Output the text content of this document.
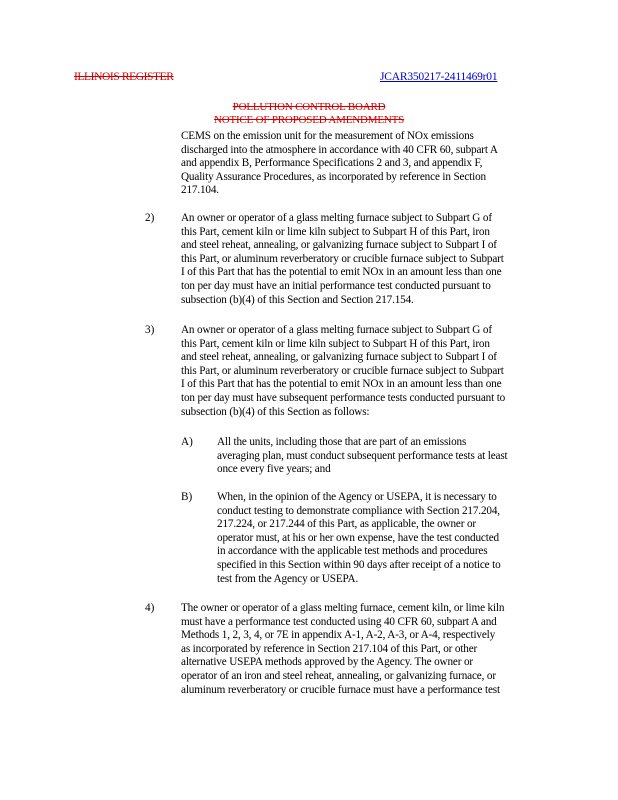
ILLINOIS REGISTER	JCAR350217-2411469r01
POLLUTION CONTROL BOARD
NOTICE OF PROPOSED AMENDMENTS
CEMS on the emission unit for the measurement of NOx emissions
discharged into the atmosphere in accordance with 40 CFR 60, subpart A
and appendix B, Performance Specifications 2 and 3, and appendix F,
Quality Assurance Procedures, as incorporated by reference in Section
217.104.
2) An owner or operator of a glass melting furnace subject to Subpart G of
this Part, cement kiln or lime kiln subject to Subpart H of this Part, iron
and steel reheat, annealing, or galvanizing furnace subject to Subpart I of
this Part, or aluminum reverberatory or crucible furnace subject to Subpart
I of this Part that has the potential to emit NOx in an amount less than one
ton per day must have an initial performance test conducted pursuant to
subsection (b)(4) of this Section and Section 217.154.
3) An owner or operator of a glass melting furnace subject to Subpart G of
this Part, cement kiln or lime kiln subject to Subpart H of this Part, iron
and steel reheat, annealing, or galvanizing furnace subject to Subpart I of
this Part, or aluminum reverberatory or crucible furnace subject to Subpart
I of this Part that has the potential to emit NOx in an amount less than one
ton per day must have subsequent performance tests conducted pursuant to
subsection (b)(4) of this Section as follows:
A) All the units, including those that are part of an emissions
averaging plan, must conduct subsequent performance tests at least
once every five years; and
B) When, in the opinion of the Agency or USEPA, it is necessary to
conduct testing to demonstrate compliance with Section 217.204,
217.224, or 217.244 of this Part, as applicable, the owner or
operator must, at his or her own expense, have the test conducted
in accordance with the applicable test methods and procedures
specified in this Section within 90 days after receipt of a notice to
test from the Agency or USEPA.
4) The owner or operator of a glass melting furnace, cement kiln, or lime kiln
must have a performance test conducted using 40 CFR 60, subpart A and
Methods 1, 2, 3, 4, or 7E in appendix A-1, A-2, A-3, or A-4, respectively
as incorporated by reference in Section 217.104 of this Part, or other
alternative USEPA methods approved by the Agency. The owner or
operator of an iron and steel reheat, annealing, or galvanizing furnace, or
aluminum reverberatory or crucible furnace must have a performance test
